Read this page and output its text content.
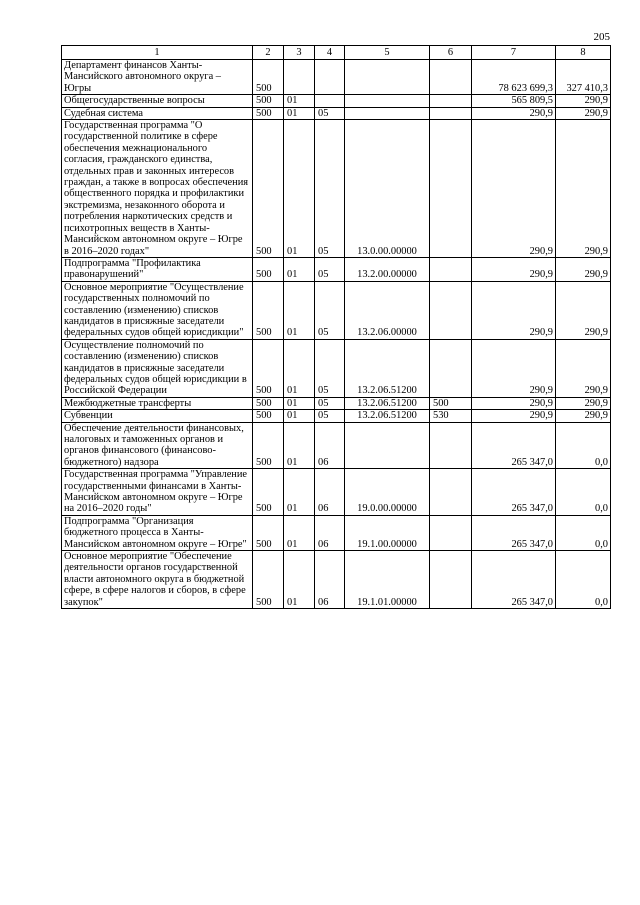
205
1	2	3	4	5	6	7	8
Департамент финансов Ханты-Мансийского автономного округа – Югры	500					78 623 699,3	327 410,3
Общегосударственные вопросы	500	01				565 809,5	290,9
Судебная система	500	01	05			290,9	290,9
Государственная программа "О государственной политике в сфере обеспечения межнационального согласия, гражданского единства, отдельных прав и законных интересов граждан, а также в вопросах обеспечения общественного порядка и профилактики экстремизма, незаконного оборота и потребления наркотических средств и психотропных веществ в Ханты-Мансийском автономном округе – Югре в 2016–2020 годах"	500	01	05	13.0.00.00000		290,9	290,9
Подпрограмма "Профилактика правонарушений"	500	01	05	13.2.00.00000		290,9	290,9
Основное мероприятие "Осуществление государственных полномочий по составлению (изменению) списков кандидатов в присяжные заседатели федеральных судов общей юрисдикции"	500	01	05	13.2.06.00000		290,9	290,9
Осуществление полномочий по составлению (изменению) списков кандидатов в присяжные заседатели федеральных судов общей юрисдикции в Российской Федерации	500	01	05	13.2.06.51200		290,9	290,9
Межбюджетные трансферты	500	01	05	13.2.06.51200	500	290,9	290,9
Субвенции	500	01	05	13.2.06.51200	530	290,9	290,9
Обеспечение деятельности финансовых, налоговых и таможенных органов и органов финансового (финансово-бюджетного) надзора	500	01	06			265 347,0	0,0
Государственная программа "Управление государственными финансами в Ханты-Мансийском автономном округе – Югре на 2016–2020 годы"	500	01	06	19.0.00.00000		265 347,0	0,0
Подпрограмма "Организация бюджетного процесса в Ханты-Мансийском автономном округе – Югре"	500	01	06	19.1.00.00000		265 347,0	0,0
Основное мероприятие "Обеспечение деятельности органов государственной власти автономного округа в бюджетной сфере, в сфере налогов и сборов, в сфере закупок"	500	01	06	19.1.01.00000		265 347,0	0,0
